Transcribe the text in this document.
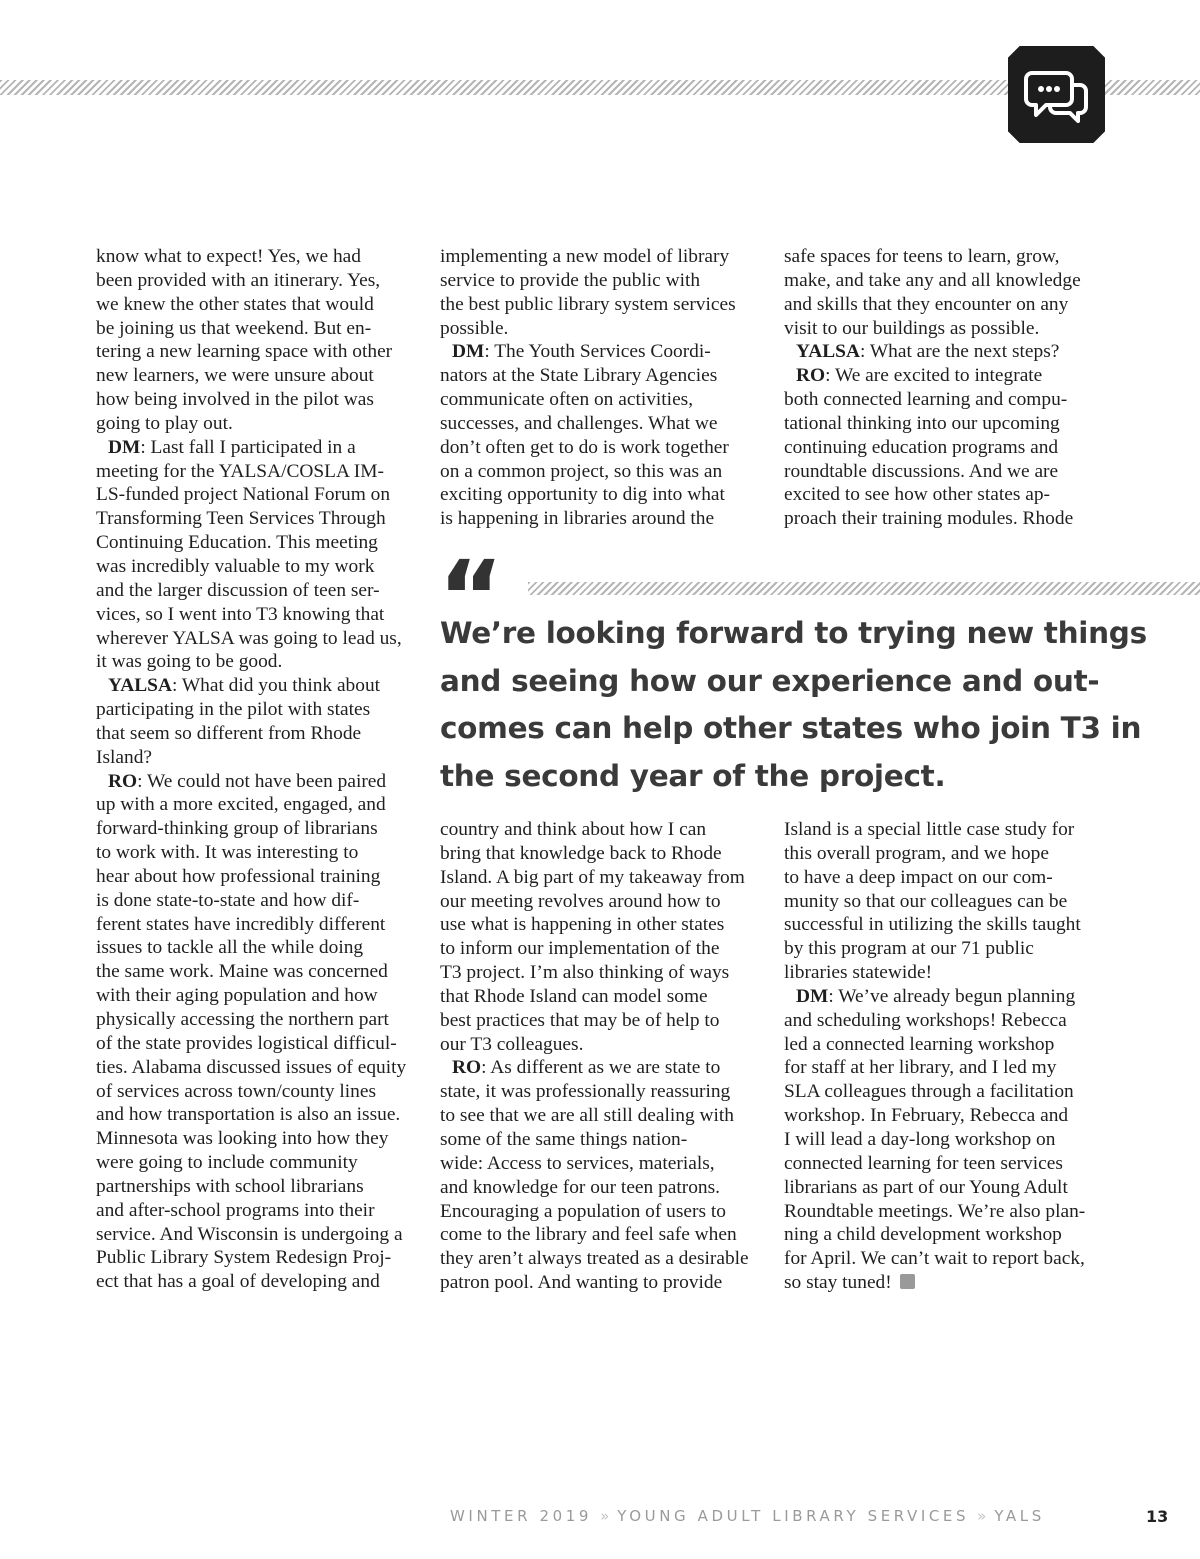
know what to expect! Yes, we had

been provided with an itinerary. Yes,

we knew the other states that would

be joining us that weekend. But en-

tering a new learning space with other

new learners, we were unsure about

how being involved in the pilot was

going to play out.

DM: Last fall I participated in a

meeting for the YALSA/COSLA IM-

LS-funded project National Forum on

Transforming Teen Services Through

Continuing Education. This meeting

was incredibly valuable to my work

and the larger discussion of teen ser-

vices, so I went into T3 knowing that

wherever YALSA was going to lead us,

it was going to be good.

YALSA: What did you think about

participating in the pilot with states

that seem so different from Rhode

Island?

RO: We could not have been paired

up with a more excited, engaged, and

forward-thinking group of librarians

to work with. It was interesting to

hear about how professional training

is done state-to-state and how dif-

ferent states have incredibly different

issues to tackle all the while doing

the same work. Maine was concerned

with their aging population and how

physically accessing the northern part

of the state provides logistical difficul-

ties. Alabama discussed issues of equity

of services across town/county lines

and how transportation is also an issue.

Minnesota was looking into how they

were going to include community

partnerships with school librarians

and after-school programs into their

service. And Wisconsin is undergoing a

Public Library System Redesign Proj-

ect that has a goal of developing and

implementing a new model of library

service to provide the public with

the best public library system services

possible.

DM: The Youth Services Coordi-

nators at the State Library Agencies

communicate often on activities,

successes, and challenges. What we

don’t often get to do is work together

on a common project, so this was an

exciting opportunity to dig into what

is happening in libraries around the

safe spaces for teens to learn, grow,

make, and take any and all knowledge

and skills that they encounter on any

visit to our buildings as possible.

YALSA: What are the next steps?

RO: We are excited to integrate

both connected learning and compu-

tational thinking into our upcoming

continuing education programs and

roundtable discussions. And we are

excited to see how other states ap-

proach their training modules. Rhode

“

We’re looking forward to trying new things

and seeing how our experience and out-

comes can help other states who join T3 in

the second year of the project.

country and think about how I can

bring that knowledge back to Rhode

Island. A big part of my takeaway from

our meeting revolves around how to

use what is happening in other states

to inform our implementation of the

T3 project. I’m also thinking of ways

that Rhode Island can model some

best practices that may be of help to

our T3 colleagues.

RO: As different as we are state to

state, it was professionally reassuring

to see that we are all still dealing with

some of the same things nation-

wide: Access to services, materials,

and knowledge for our teen patrons.

Encouraging a population of users to

come to the library and feel safe when

they aren’t always treated as a desirable

patron pool. And wanting to provide

Island is a special little case study for

this overall program, and we hope

to have a deep impact on our com-

munity so that our colleagues can be

successful in utilizing the skills taught

by this program at our 71 public

libraries statewide!

DM: We’ve already begun planning

and scheduling workshops! Rebecca

led a connected learning workshop

for staff at her library, and I led my

SLA colleagues through a facilitation

workshop. In February, Rebecca and

I will lead a day-long workshop on

connected learning for teen services

librarians as part of our Young Adult

Roundtable meetings. We’re also plan-

ning a child development workshop

for April. We can’t wait to report back,

so stay tuned!

WINTER 2019 » YOUNG ADULT LIBRARY SERVICES » YALS	13
